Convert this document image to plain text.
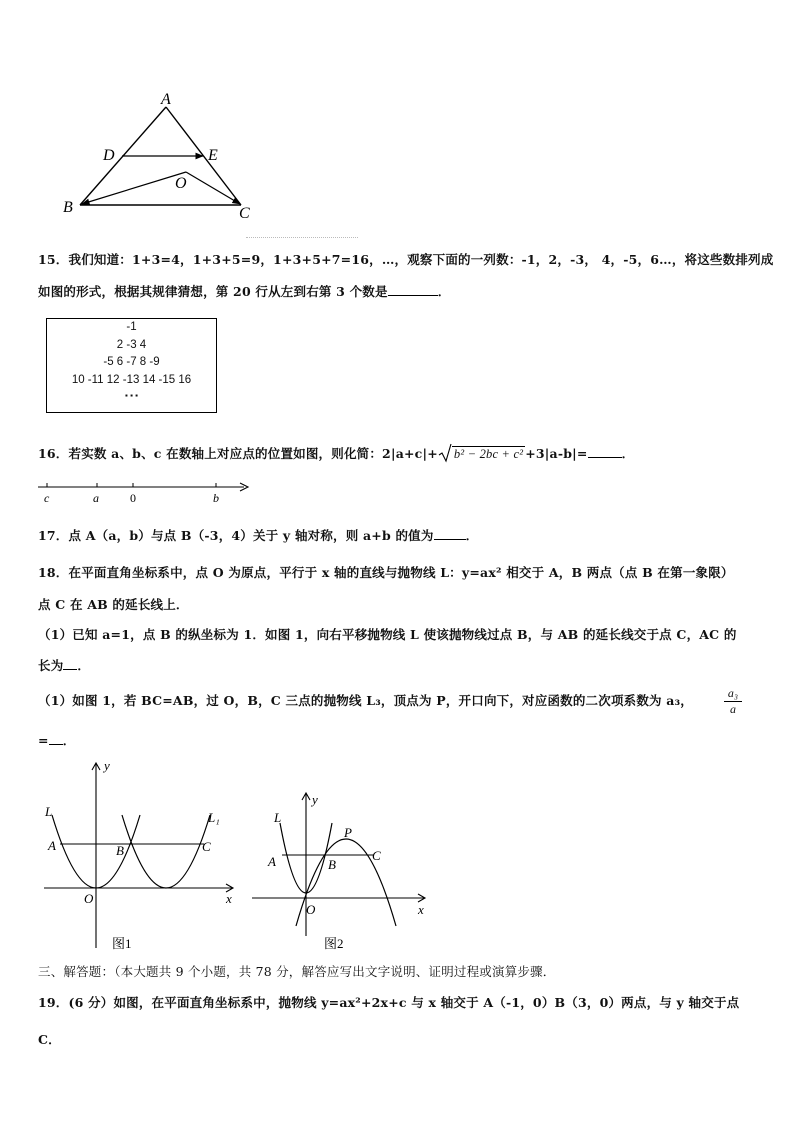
A
D	E
O
B	C
15．我们知道：1+3=4，1+3+5=9，1+3+5+7=16，…，观察下面的一列数：-1，2，-3， 4，-5，6…，将这些数排列成
如图的形式，根据其规律猜想，第 20 行从左到右第 3 个数是	．
-1
2 -3 4
-5 6 -7 8 -9
10 -11 12 -13 14 -15 16
▪ ▪ ▪
16．若实数 a、b、c 在数轴上对应点的位置如图，则化简：2|a+c|+ b² − 2bc + c² +3|a-b|=	．
c	a	0	b
17．点 A（a，b）与点 B（-3，4）关于 y 轴对称，则 a+b 的值为	．
18．在平面直角坐标系中，点 O 为原点，平行于 x 轴的直线与抛物线 L：y=ax² 相交于 A，B 两点（点 B 在第一象限）
点 C 在 AB 的延长线上．
（1）已知 a=1，点 B 的纵坐标为 1．如图 1，向右平移抛物线 L 使该抛物线过点 B，与 AB 的延长线交于点 C，AC 的
长为 ．
（1）如图 1，若 BC=AB，过 O，B，C 三点的抛物线 L₃，顶点为 P，开口向下，对应函数的二次项系数为 a₃，	$\frac{\text{a₃}}{a}$
= ．
y
L	L₁
A	B	C
O	x
图1
y
L
P
A	B
C
O	x
图2
三、解答题：（本大题共 9 个小题，共 78 分，解答应写出文字说明、证明过程或演算步骤．
19．(6 分）如图，在平面直角坐标系中，抛物线 y=ax²+2x+c 与 x 轴交于 A（-1，0）B（3，0）两点，与 y 轴交于点
C．
